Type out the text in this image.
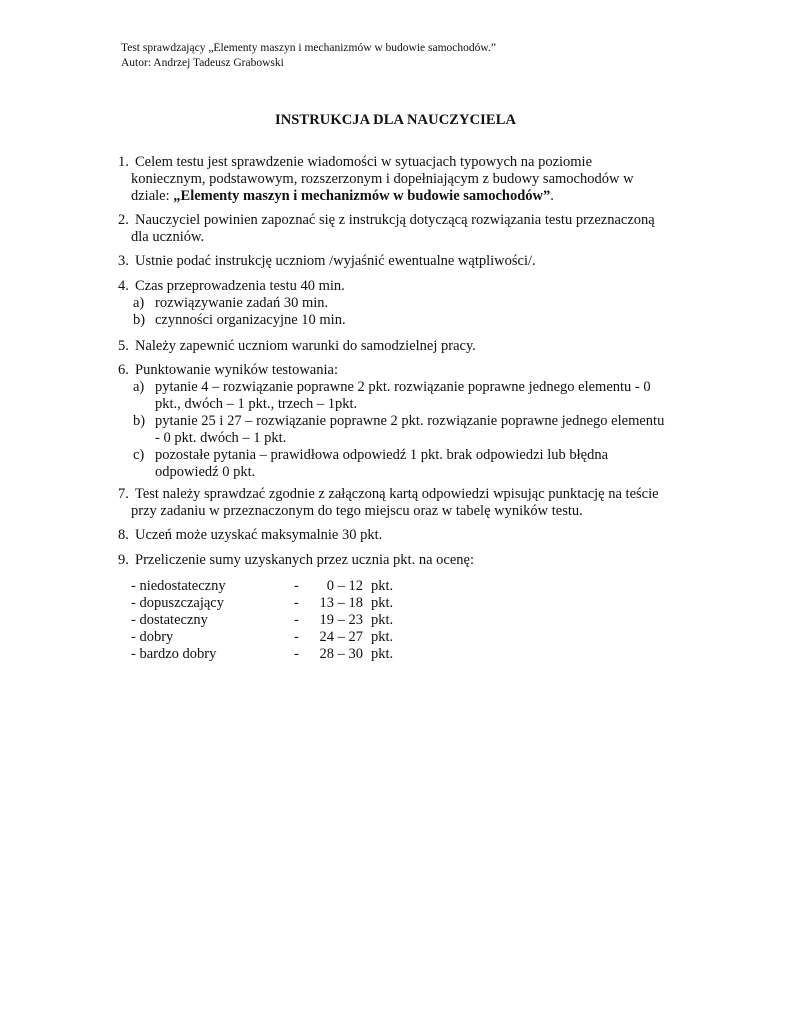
Test sprawdzający „Elementy maszyn i mechanizmów w budowie samochodów.”
Autor: Andrzej Tadeusz Grabowski
INSTRUKCJA DLA NAUCZYCIELA
1. Celem testu jest sprawdzenie wiadomości w sytuacjach typowych na poziomie
koniecznym, podstawowym, rozszerzonym i dopełniającym z budowy samochodów w
dziale: „Elementy maszyn i mechanizmów w budowie samochodów”.
2. Nauczyciel powinien zapoznać się z instrukcją dotyczącą rozwiązania testu przeznaczoną
dla uczniów.
3. Ustnie podać instrukcję uczniom /wyjaśnić ewentualne wątpliwości/.
4. Czas przeprowadzenia testu 40 min.
a) rozwiązywanie zadań 30 min.
b) czynności organizacyjne 10 min.
5. Należy zapewnić uczniom warunki do samodzielnej pracy.
6. Punktowanie wyników testowania:
a) pytanie 4 – rozwiązanie poprawne 2 pkt. rozwiązanie poprawne jednego elementu - 0
pkt., dwóch – 1 pkt., trzech – 1pkt.
b) pytanie 25 i 27 – rozwiązanie poprawne 2 pkt. rozwiązanie poprawne jednego elementu
- 0 pkt. dwóch – 1 pkt.
c) pozostałe pytania – prawidłowa odpowiedź 1 pkt. brak odpowiedzi lub błędna
odpowiedź 0 pkt.
7. Test należy sprawdzać zgodnie z załączoną kartą odpowiedzi wpisując punktację na teście
przy zadaniu w przeznaczonym do tego miejscu oraz w tabelę wyników testu.
8. Uczeń może uzyskać maksymalnie 30 pkt.
9. Przeliczenie sumy uzyskanych przez ucznia pkt. na ocenę:
- niedostateczny	-	0 – 12 pkt.
- dopuszczający	-	13 – 18 pkt.
- dostateczny	-	19 – 23 pkt.
- dobry	-	24 – 27 pkt.
- bardzo dobry	-	28 – 30 pkt.
